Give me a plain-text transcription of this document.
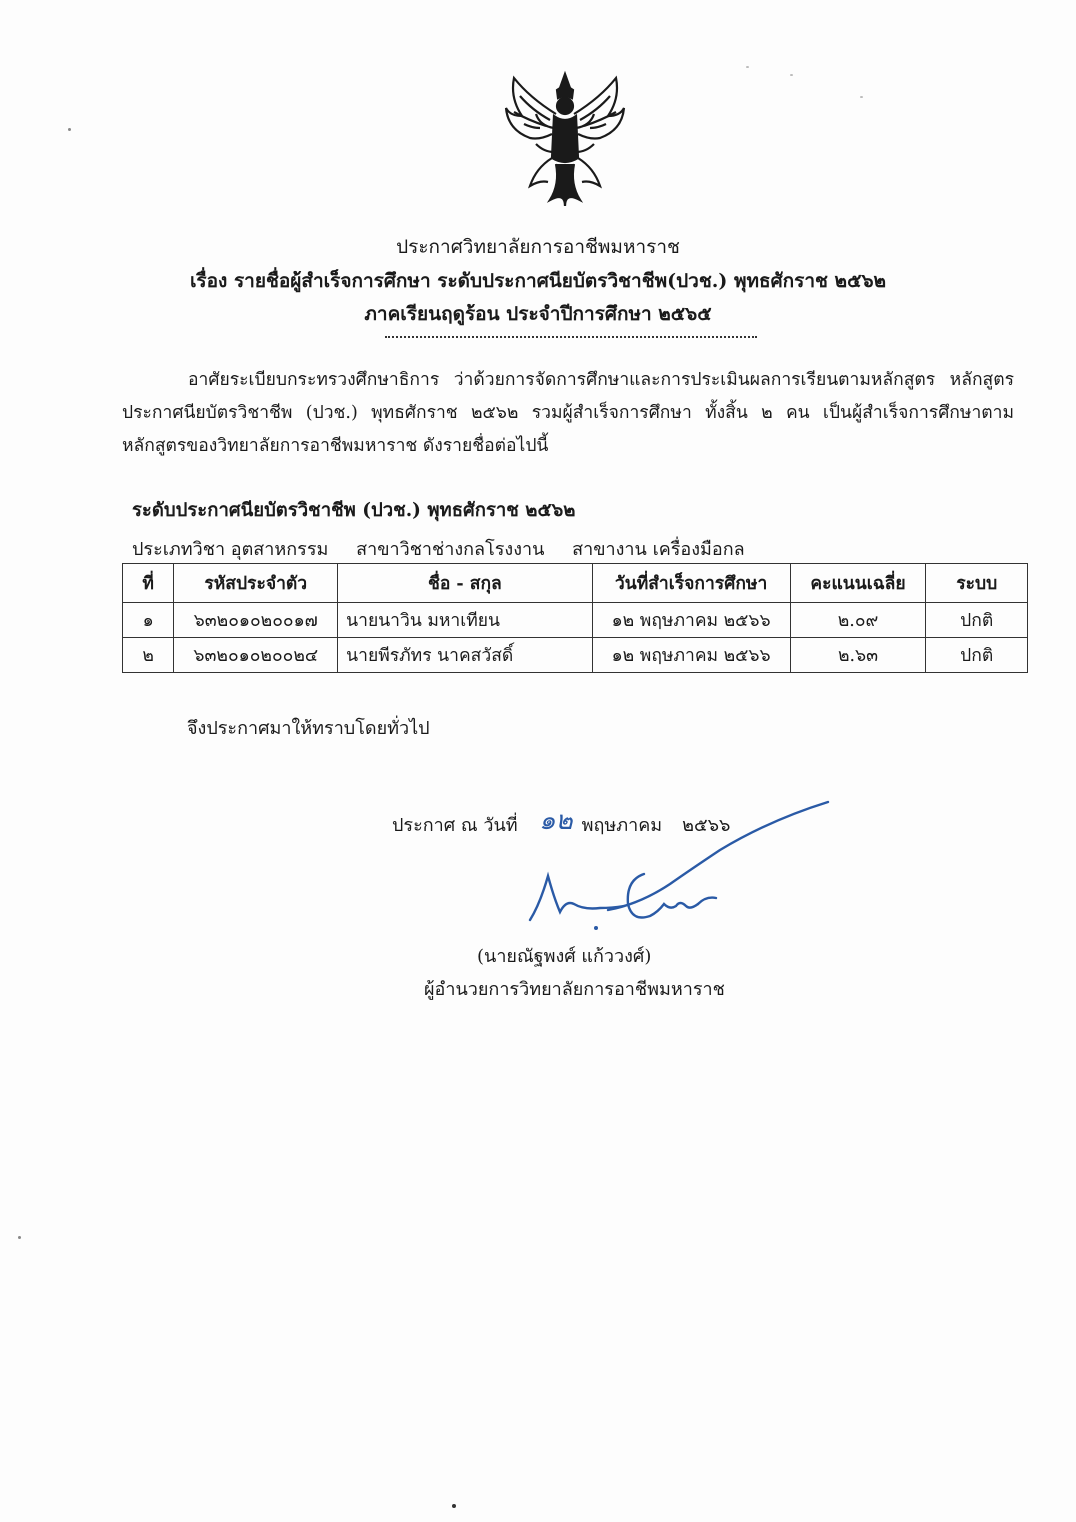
ประกาศวิทยาลัยการอาชีพมหาราช
เรื่อง รายชื่อผู้สำเร็จการศึกษา ระดับประกาศนียบัตรวิชาชีพ(ปวช.) พุทธศักราช ๒๕๖๒
ภาคเรียนฤดูร้อน ประจำปีการศึกษา ๒๕๖๕
อาศัยระเบียบกระทรวงศึกษาธิการ ว่าด้วยการจัดการศึกษาและการประเมินผลการเรียนตามหลักสูตร หลักสูตรประกาศนียบัตรวิชาชีพ (ปวช.) พุทธศักราช ๒๕๖๒ รวมผู้สำเร็จการศึกษา ทั้งสิ้น ๒ คน เป็นผู้สำเร็จการศึกษาตามหลักสูตรของวิทยาลัยการอาชีพมหาราช ดังรายชื่อต่อไปนี้
ระดับประกาศนียบัตรวิชาชีพ (ปวช.) พุทธศักราช ๒๕๖๒
ประเภทวิชา อุตสาหกรรม สาขาวิชาช่างกลโรงงาน สาขางาน เครื่องมือกล
ที่	รหัสประจำตัว	ชื่อ - สกุล	วันที่สำเร็จการศึกษา	คะแนนเฉลี่ย	ระบบ
๑	๖๓๒๐๑๐๒๐๐๑๗	นายนาวิน มหาเทียน	๑๒ พฤษภาคม ๒๕๖๖	๒.๐๙	ปกติ
๒	๖๓๒๐๑๐๒๐๐๒๔	นายพีรภัทร นาคสวัสดิ์	๑๒ พฤษภาคม ๒๕๖๖	๒.๖๓	ปกติ
จึงประกาศมาให้ทราบโดยทั่วไป
ประกาศ ณ วันที่	พฤษภาคม ๒๕๖๖
๑๒
(นายณัฐพงศ์ แก้ววงศ์)
ผู้อำนวยการวิทยาลัยการอาชีพมหาราช
